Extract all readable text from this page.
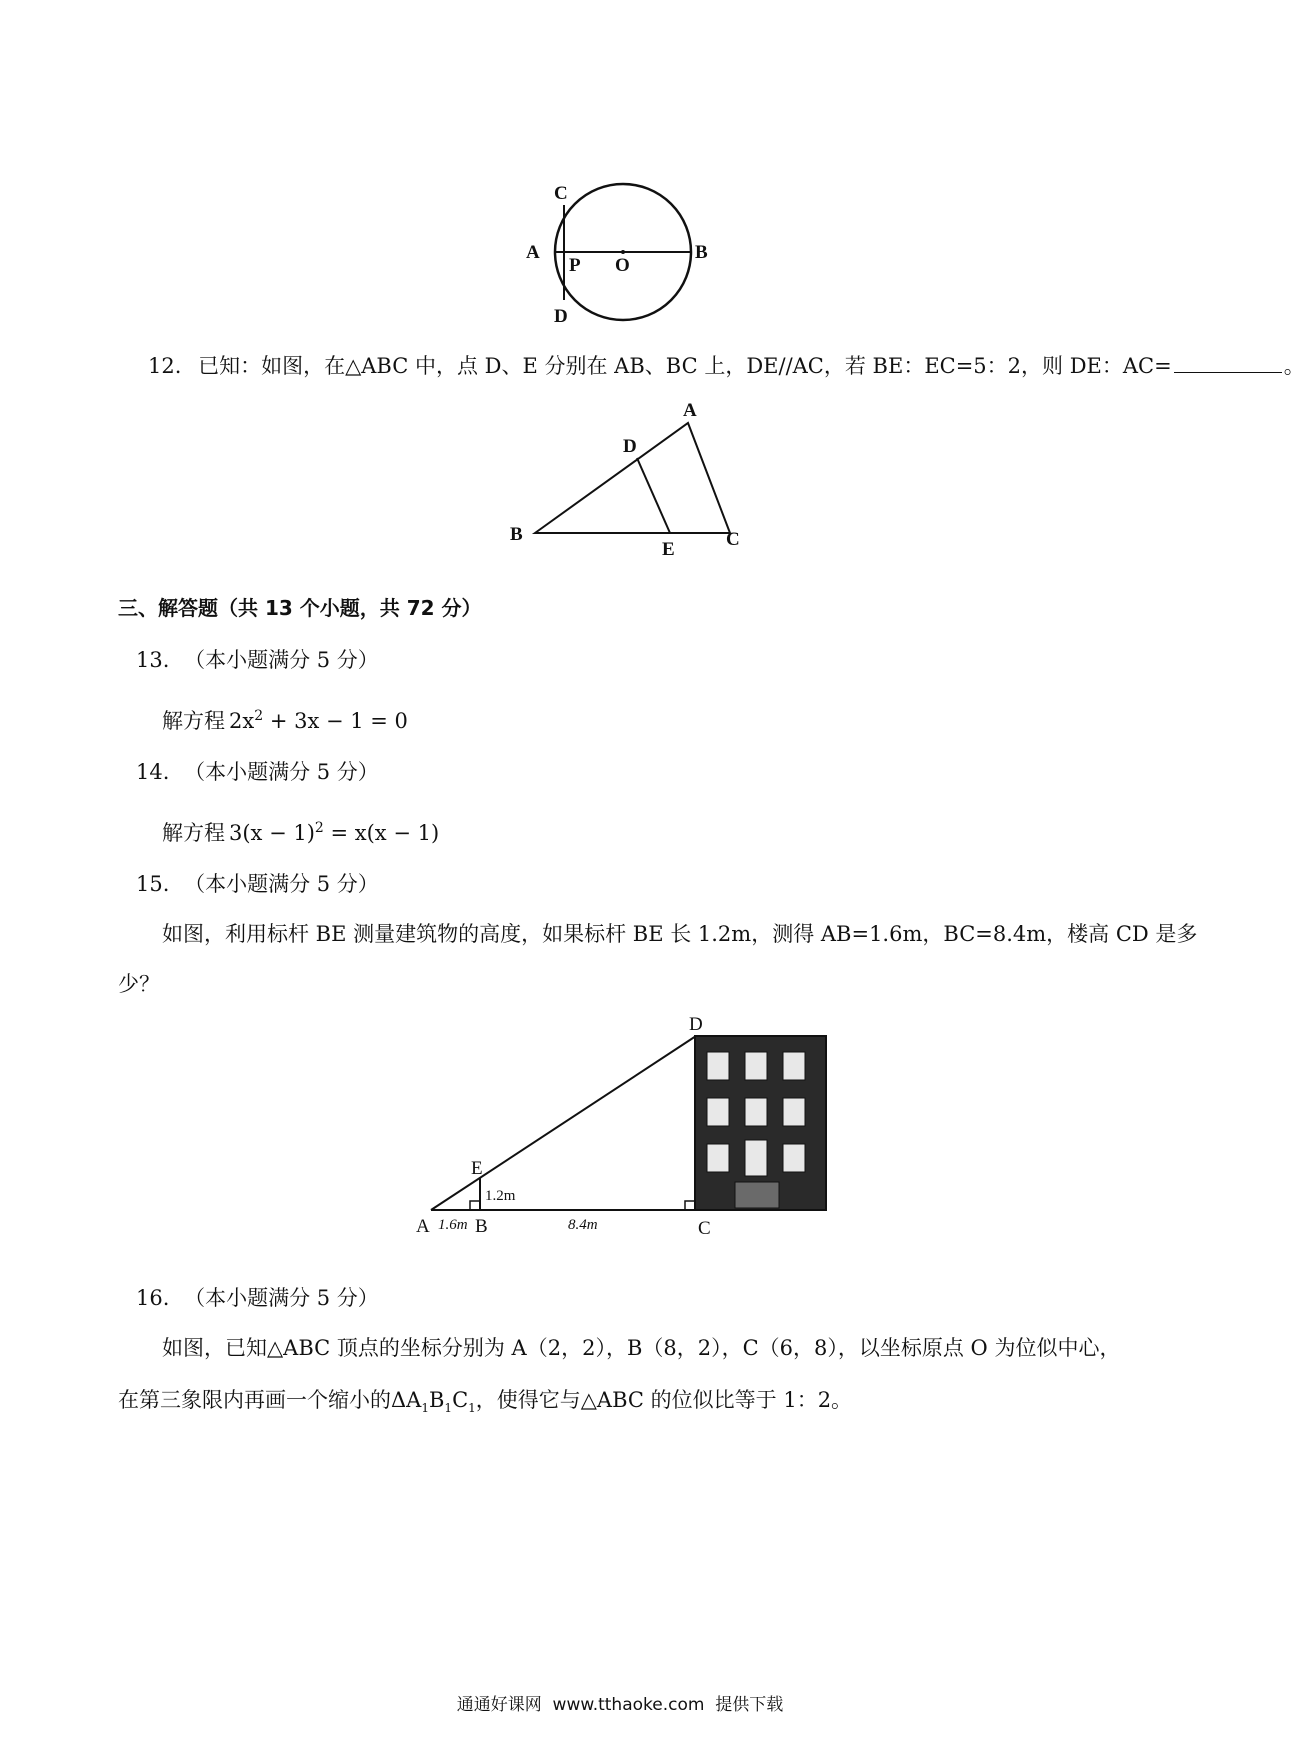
C
A
P O
B
D
12. 已知：如图，在△ABC 中，点 D、E 分别在 AB、BC 上，DE//AC，若 BE：EC=5：2，则 DE：AC=	。
A
D
B
E	C
三、解答题（共 13 个小题，共 72 分）
13. （本小题满分 5 分）
解方程 $2x^2 + 3x - 1 = 0$
14. （本小题满分 5 分）
解方程 $3(x - 1)^2 = x(x - 1)$
15. （本小题满分 5 分）
如图，利用标杆 BE 测量建筑物的高度，如果标杆 BE 长 1.2m，测得 AB=1.6m，BC=8.4m，楼高 CD 是多
少？
D
E
1.2m
A 1.6m B	8.4m	C
16. （本小题满分 5 分）
如图，已知△ABC 顶点的坐标分别为 A（2，2），B（8，2），C（6，8），以坐标原点 O 为位似中心，
在第三象限内再画一个缩小的$\Delta A_1B_1C_1$，使得它与△ABC 的位似比等于 1：2。
通通好课网  www.tthaoke.com  提供下载
